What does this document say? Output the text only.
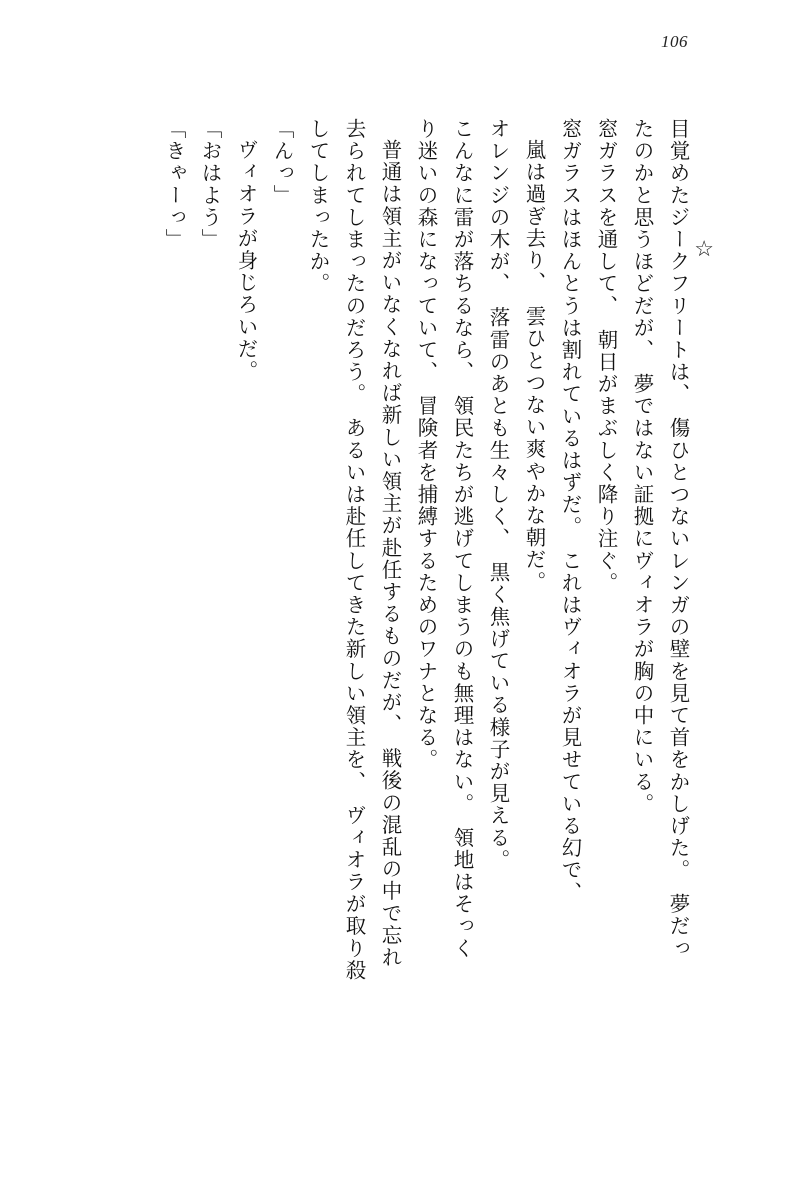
106
☆
目覚めたジークフリートは、　傷ひとつないレンガの壁を見て首をかしげた。　夢だっ
たのかと思うほどだが、　夢ではない証拠にヴィオラが胸の中にいる。
窓ガラスを通して、　朝日がまぶしく降り注ぐ。
窓ガラスはほんとうは割れているはずだ。　これはヴィオラが見せている幻で、
嵐は過ぎ去り、　雲ひとつない爽やかな朝だ。
オレンジの木が、　落雷のあとも生々しく、　黒く焦げている様子が見える。
こんなに雷が落ちるなら、　領民たちが逃げてしまうのも無理はない。　領地はそっく
り迷いの森になっていて、　冒険者を捕縛するためのワナとなる。
普通は領主がいなくなれば新しい領主が赴任するものだが、　戦後の混乱の中で忘れ
去られてしまったのだろう。　あるいは赴任してきた新しい領主を、　ヴィオラが取り殺
してしまったか。
「んっ」
ヴィオラが身じろいだ。
「おはよう」
「きゃーっ」
